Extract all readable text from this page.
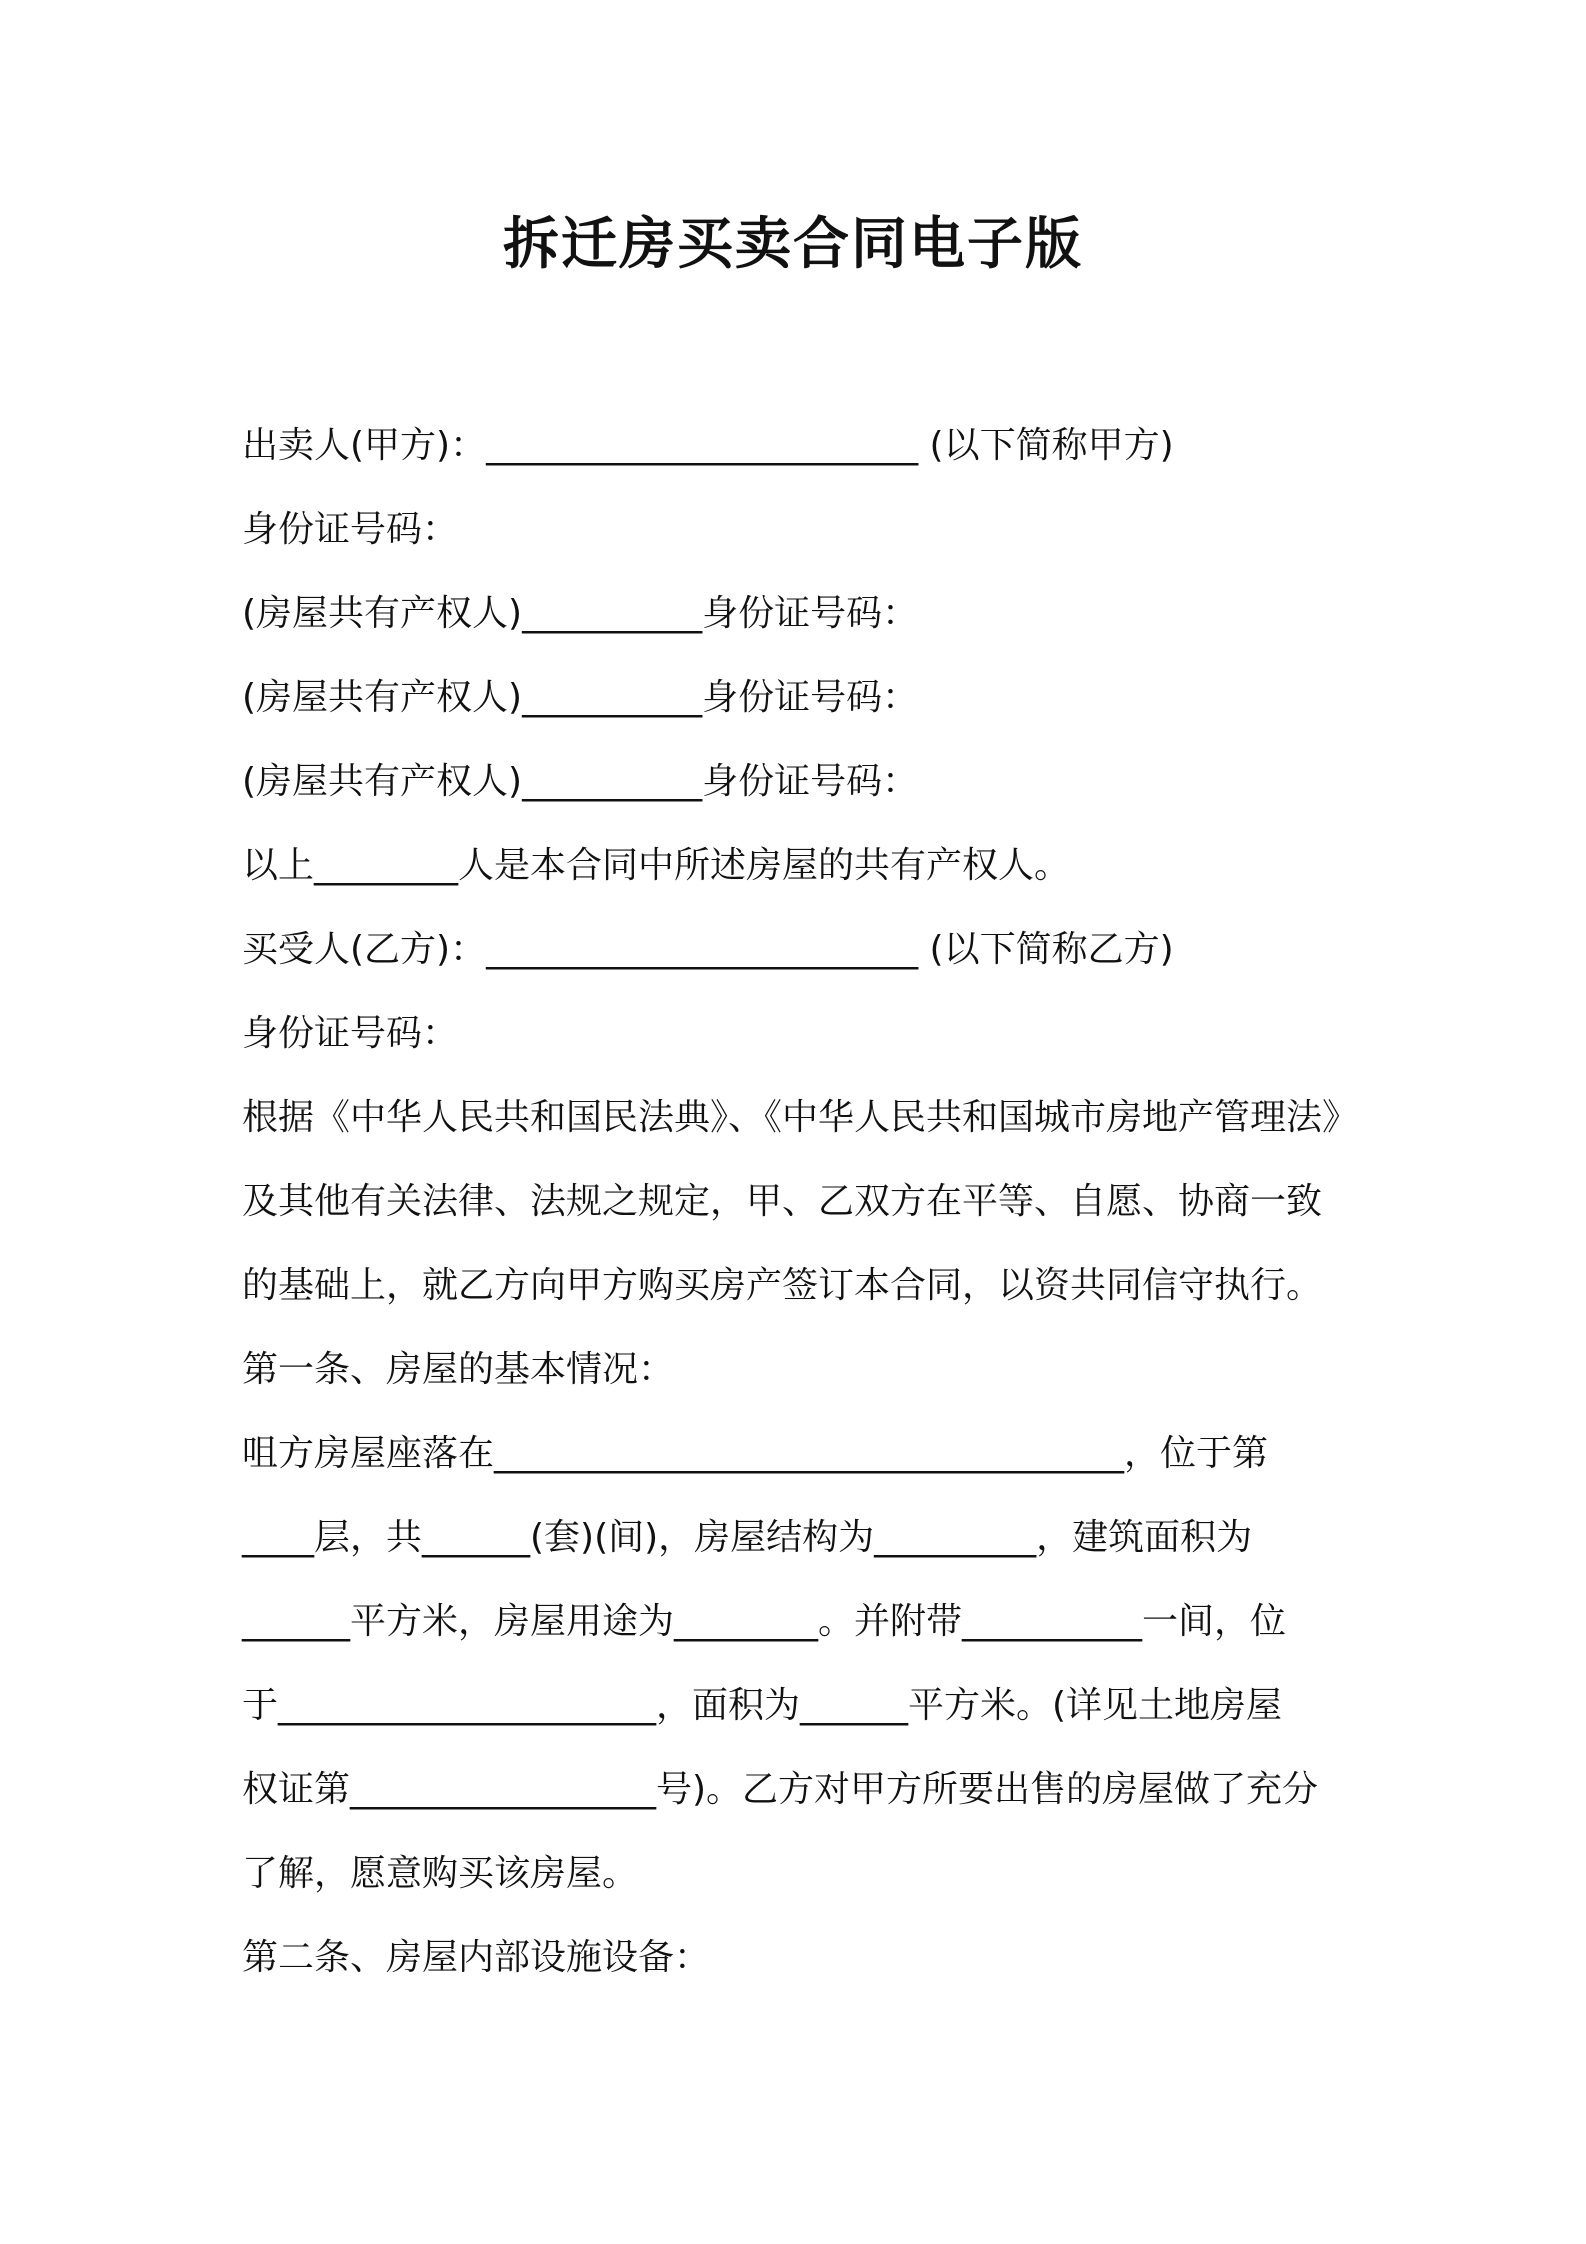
拆迁房买卖合同电子版
出卖人(甲方)：________________________ (以下简称甲方)
身份证号码：
(房屋共有产权人)__________身份证号码：
(房屋共有产权人)__________身份证号码：
(房屋共有产权人)__________身份证号码：
以上________人是本合同中所述房屋的共有产权人。
买受人(乙方)：________________________ (以下简称乙方)
身份证号码：
根据《中华人民共和国民法典》、《中华人民共和国城市房地产管理法》
及其他有关法律、法规之规定，甲、乙双方在平等、自愿、协商一致
的基础上，就乙方向甲方购买房产签订本合同，以资共同信守执行。
第一条、房屋的基本情况：
咀方房屋座落在___________________________________，位于第
____层，共______(套)(间)，房屋结构为_________，建筑面积为
______平方米，房屋用途为________。并附带__________一间，位
于_____________________，面积为______平方米。(详见土地房屋
权证第_________________号)。乙方对甲方所要出售的房屋做了充分
了解，愿意购买该房屋。
第二条、房屋内部设施设备：
